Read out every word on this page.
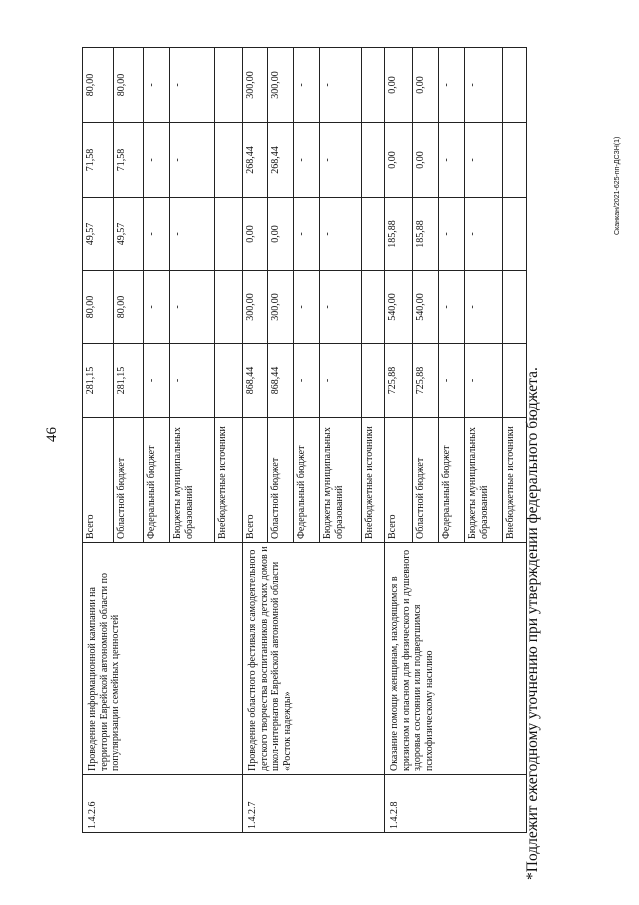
46	*Подлежит ежегодному уточнению при утверждении федерального бюджета.
Сканкан/2021-625-пп-ДСЗН(1)
1.4.2.6	Проведение информационной кампании на территории Еврейской автономной области по популяризации семейных ценностей	Всего	281,15	80,00	49,57	71,58	80,00
		Областной бюджет	281,15	80,00	49,57	71,58	80,00
		Федеральный бюджет	-	-	-	-	-
		Бюджеты муниципальных образований	-	-	-	-	-
		Внебюджетные источники					
1.4.2.7	Проведение областного фестиваля самодеятельного детского творчества воспитанников детских домов и школ-интернатов Еврейской автономной области «Росток надежды»	Всего	868,44	300,00	0,00	268,44	300,00
		Областной бюджет	868,44	300,00	0,00	268,44	300,00
		Федеральный бюджет	-	-	-	-	-
		Бюджеты муниципальных образований	-	-	-	-	-
		Внебюджетные источники					
1.4.2.8	Оказание помощи женщинам, находящимся в кризисном и опасном для физического и душевного здоровья состоянии или подвергшимся психофизическому насилию	Всего	725,88	540,00	185,88	0,00	0,00
		Областной бюджет	725,88	540,00	185,88	0,00	0,00
		Федеральный бюджет	-	-	-	-	-
		Бюджеты муниципальных образований	-	-	-	-	-
		Внебюджетные источники					
